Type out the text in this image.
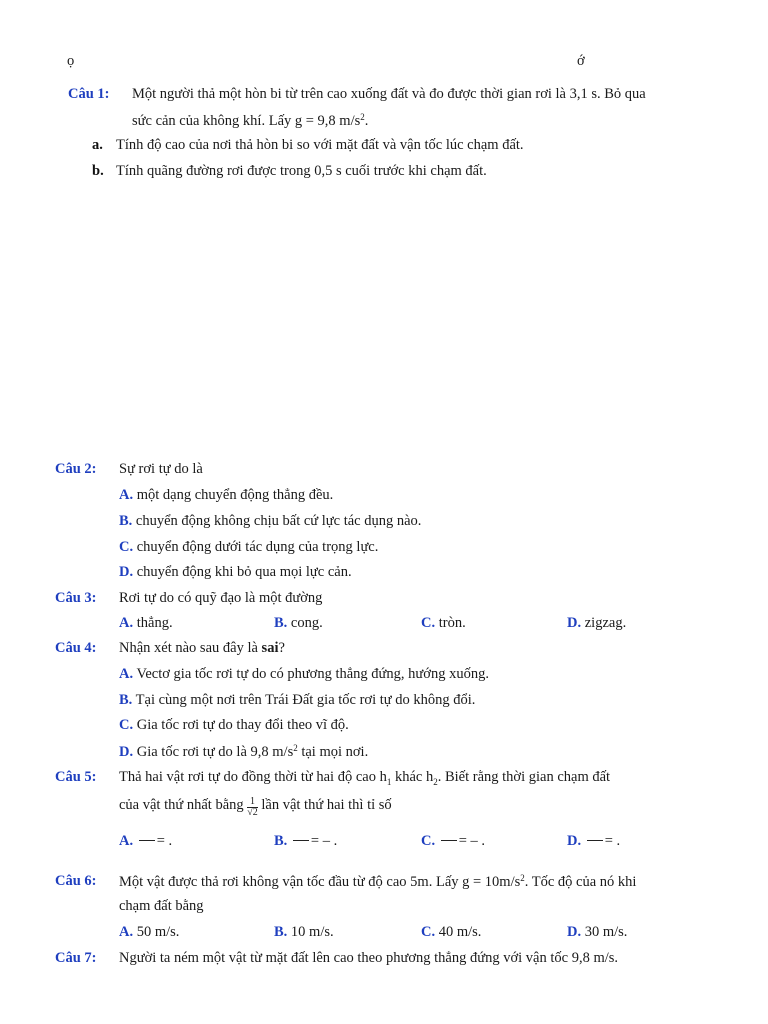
ọ	ớ
Câu 1: Một người thả một hòn bi từ trên cao xuống đất và đo được thời gian rơi là 3,1 s. Bỏ qua
sức cản của không khí. Lấy g = 9,8 $m/s^2$.
a. Tính độ cao của nơi thả hòn bi so với mặt đất và vận tốc lúc chạm đất.
b. Tính quãng đường rơi được trong 0,5 s cuối trước khi chạm đất.
Câu 2: Sự rơi tự do là
A. một dạng chuyển động thẳng đều.
B. chuyển động không chịu bất cứ lực tác dụng nào.
C. chuyển động dưới tác dụng của trọng lực.
D. chuyển động khi bỏ qua mọi lực cản.
Câu 3: Rơi tự do có quỹ đạo là một đường
A. thẳng.	B. cong.	C. tròn.	D. zigzag.
Câu 4: Nhận xét nào sau đây là sai?
A. Vectơ gia tốc rơi tự do có phương thẳng đứng, hướng xuống.
B. Tại cùng một nơi trên Trái Đất gia tốc rơi tự do không đổi.
C. Gia tốc rơi tự do thay đổi theo vĩ độ.
D. Gia tốc rơi tự do là 9,8 $m/s^2$ tại mọi nơi.
Câu 5: Thả hai vật rơi tự do đồng thời từ hai độ cao $h_1$ khác $h_2$. Biết rằng thời gian chạm đất
của vật thứ nhất bằng $\frac{1}{√2}$ lần vật thứ hai thì tỉ số
A. = .	B. = – .	C. = – .	D. = .
Câu 6: Một vật được thả rơi không vận tốc đầu từ độ cao 5m. Lấy $g = 10m/s^2$. Tốc độ của nó khi
chạm đất bằng
A. 50 m/s.	B. 10 m/s.	C. 40 m/s.	D. 30 m/s.
Câu 7: Người ta ném một vật từ mặt đất lên cao theo phương thẳng đứng với vận tốc 9,8 m/s.
